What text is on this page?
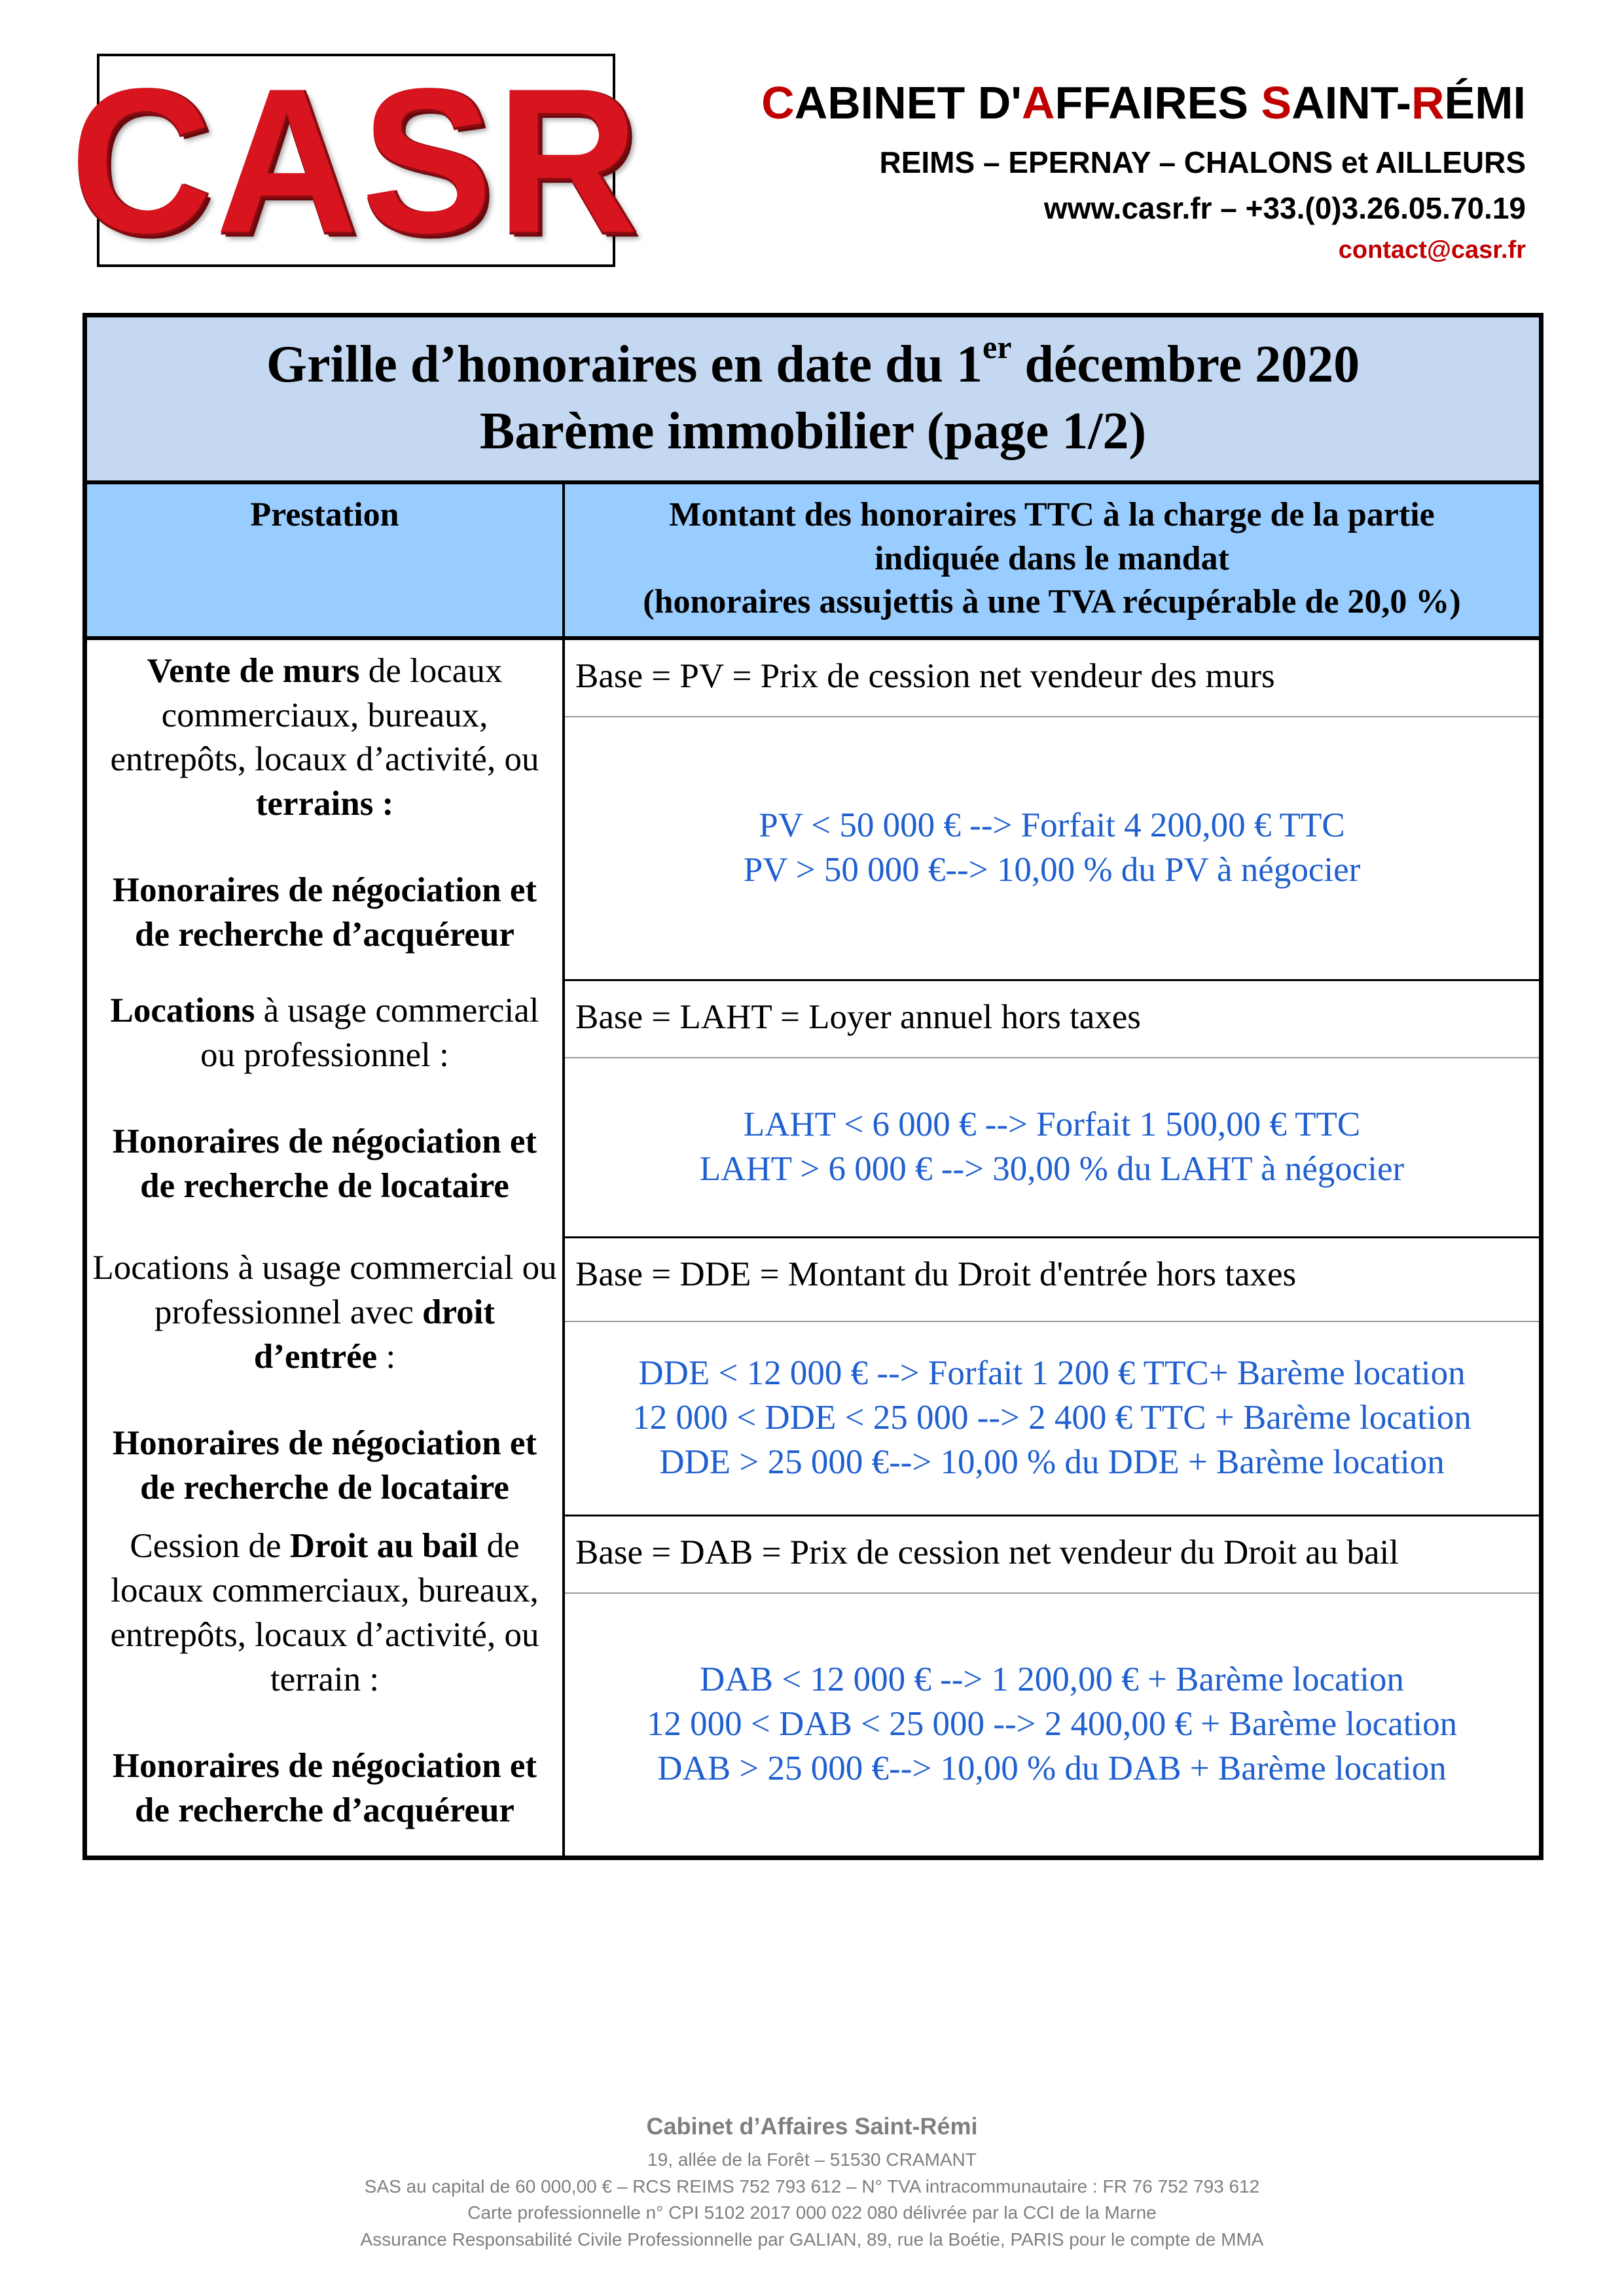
CASR	CABINET D'AFFAIRES SAINT-RÉMI
REIMS – EPERNAY – CHALONS et AILLEURS
www.casr.fr – +33.(0)3.26.05.70.19
contact@casr.fr
Grille d’honoraires en date du 1er décembre 2020
Barème immobilier (page 1/2)
Prestation	Montant des honoraires TTC à la charge de la partie
indiquée dans le mandat
(honoraires assujettis à une TVA récupérable de 20,0 %)

Vente de murs de locaux commerciaux, bureaux, entrepôts, locaux d’activité, ou terrains :
Honoraires de négociation et de recherche d’acquéreur	Base = PV = Prix de cession net vendeur des murs

	PV < 50 000 € --> Forfait 4 200,00 € TTC
PV > 50 000 €--> 10,00 % du PV à négocier

Locations à usage commercial ou professionnel :
Honoraires de négociation et de recherche de locataire	Base = LAHT = Loyer annuel hors taxes

	LAHT < 6 000 € --> Forfait 1 500,00 € TTC
LAHT > 6 000 € --> 30,00 % du LAHT à négocier

Locations à usage commercial ou professionnel avec droit d’entrée :
Honoraires de négociation et de recherche de locataire	Base = DDE = Montant du Droit d'entrée hors taxes

	DDE < 12 000 € --> Forfait 1 200 € TTC+ Barème location
12 000 < DDE < 25 000 --> 2 400 € TTC + Barème location
DDE > 25 000 €--> 10,00 % du DDE + Barème location

Cession de Droit au bail de locaux commerciaux, bureaux, entrepôts, locaux d’activité, ou terrain :
Honoraires de négociation et de recherche d’acquéreur	Base = DAB = Prix de cession net vendeur du Droit au bail

	DAB < 12 000 € --> 1 200,00 € + Barème location
12 000 < DAB < 25 000 --> 2 400,00 € + Barème location
DAB > 25 000 €--> 10,00 % du DAB + Barème location
Cabinet d’Affaires Saint-Rémi
19, allée de la Forêt – 51530 CRAMANT
SAS au capital de 60 000,00 € – RCS REIMS 752 793 612 – N° TVA intracommunautaire : FR 76 752 793 612
Carte professionnelle n° CPI 5102 2017 000 022 080 délivrée par la CCI de la Marne
Assurance Responsabilité Civile Professionnelle par GALIAN, 89, rue la Boétie, PARIS pour le compte de MMA
